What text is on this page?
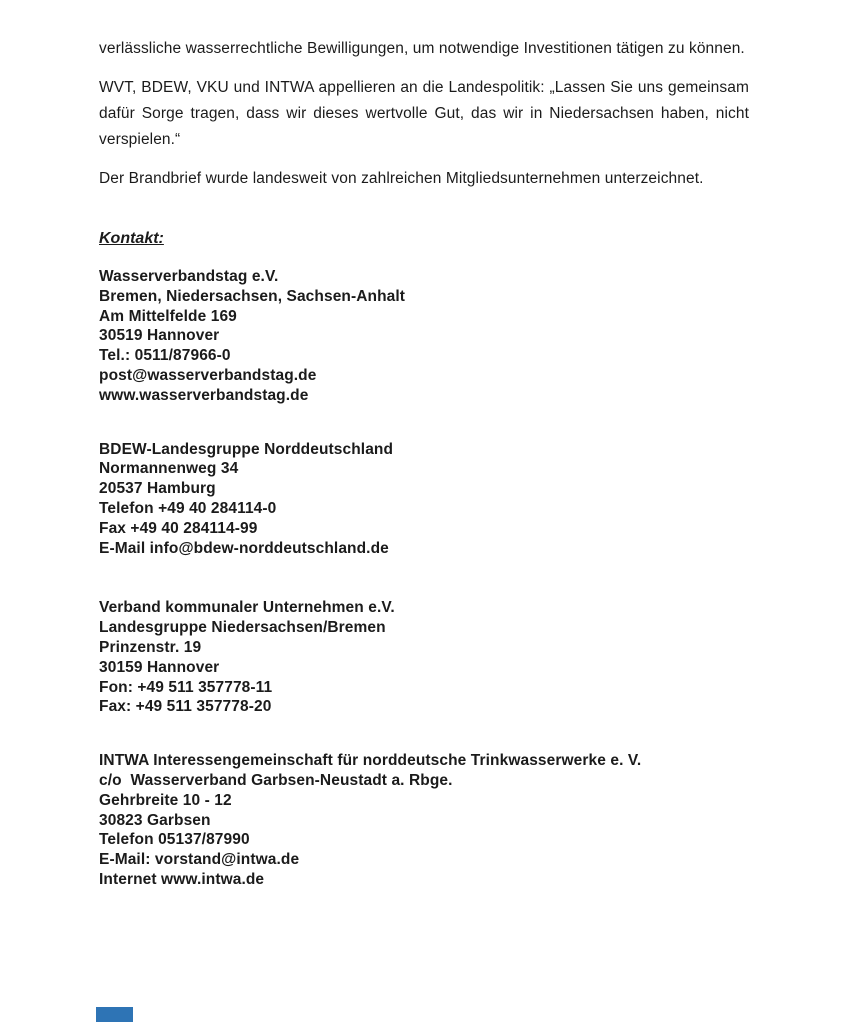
verlässliche wasserrechtliche Bewilligungen, um notwendige Investitionen tätigen zu können.

WVT, BDEW, VKU und INTWA appellieren an die Landespolitik: „Lassen Sie uns gemeinsam dafür Sorge tragen, dass wir dieses wertvolle Gut, das wir in Niedersachsen haben, nicht verspielen.“

Der Brandbrief wurde landesweit von zahlreichen Mitgliedsunternehmen unterzeichnet.

Kontakt:
Wasserverbandstag e.V.
Bremen, Niedersachsen, Sachsen-Anhalt
Am Mittelfelde 169
30519 Hannover
Tel.: 0511/87966-0
post@wasserverbandstag.de
www.wasserverbandstag.de
BDEW-Landesgruppe Norddeutschland
Normannenweg 34
20537 Hamburg
Telefon +49 40 284114-0
Fax +49 40 284114-99
E-Mail info@bdew-norddeutschland.de
Verband kommunaler Unternehmen e.V.
Landesgruppe Niedersachsen/Bremen
Prinzenstr. 19
30159 Hannover
Fon: +49 511 357778-11
Fax: +49 511 357778-20
INTWA Interessengemeinschaft für norddeutsche Trinkwasserwerke e. V.
c/o  Wasserverband Garbsen-Neustadt a. Rbge.
Gehrbreite 10 - 12
30823 Garbsen
Telefon 05137/87990
E-Mail: vorstand@intwa.de
Internet www.intwa.de
